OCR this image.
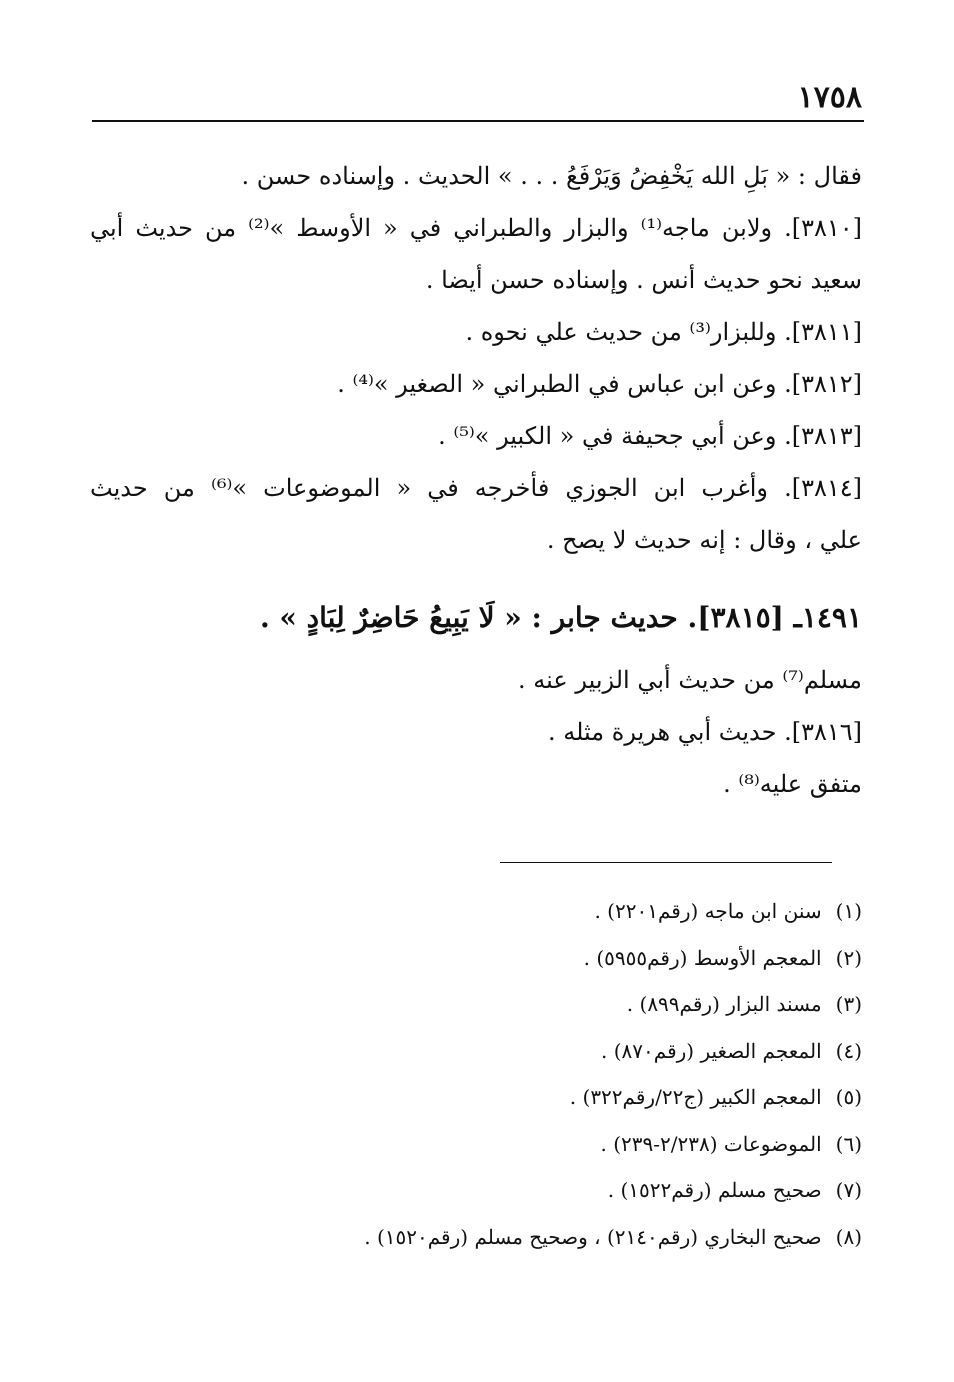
١٧٥٨
فقال : « بَلِ الله يَخْفِضُ وَيَرْفَعُ . . . » الحديث . وإسناده حسن .
[٣٨١٠]. ولابن ماجه⁽¹⁾ والبزار والطبراني في « الأوسط »⁽²⁾ من حديث أبي
سعيد نحو حديث أنس . وإسناده حسن أيضا .
[٣٨١١]. وللبزار⁽³⁾ من حديث علي نحوه .
[٣٨١٢]. وعن ابن عباس في الطبراني « الصغير »⁽⁴⁾ .
[٣٨١٣]. وعن أبي جحيفة في « الكبير »⁽⁵⁾ .
[٣٨١٤]. وأغرب ابن الجوزي فأخرجه في « الموضوعات »⁽⁶⁾ من حديث
علي ، وقال : إنه حديث لا يصح .
١٤٩١ـ [٣٨١٥]. حديث جابر : « لَا يَبِيعُ حَاضِرٌ لِبَادٍ » .
مسلم⁽⁷⁾ من حديث أبي الزبير عنه .
[٣٨١٦]. حديث أبي هريرة مثله .
متفق عليه⁽⁸⁾ .
(١)سنن ابن ماجه (رقم٢٢٠١) .
(٢)المعجم الأوسط (رقم٥٩٥٥) .
(٣)مسند البزار (رقم٨٩٩) .
(٤)المعجم الصغير (رقم٨٧٠) .
(٥)المعجم الكبير (ج٢٢/رقم٣٢٢) .
(٦)الموضوعات (٢/٢٣٨-٢٣٩) .
(٧)صحيح مسلم (رقم١٥٢٢) .
(٨)صحيح البخاري (رقم٢١٤٠) ، وصحيح مسلم (رقم١٥٢٠) .
